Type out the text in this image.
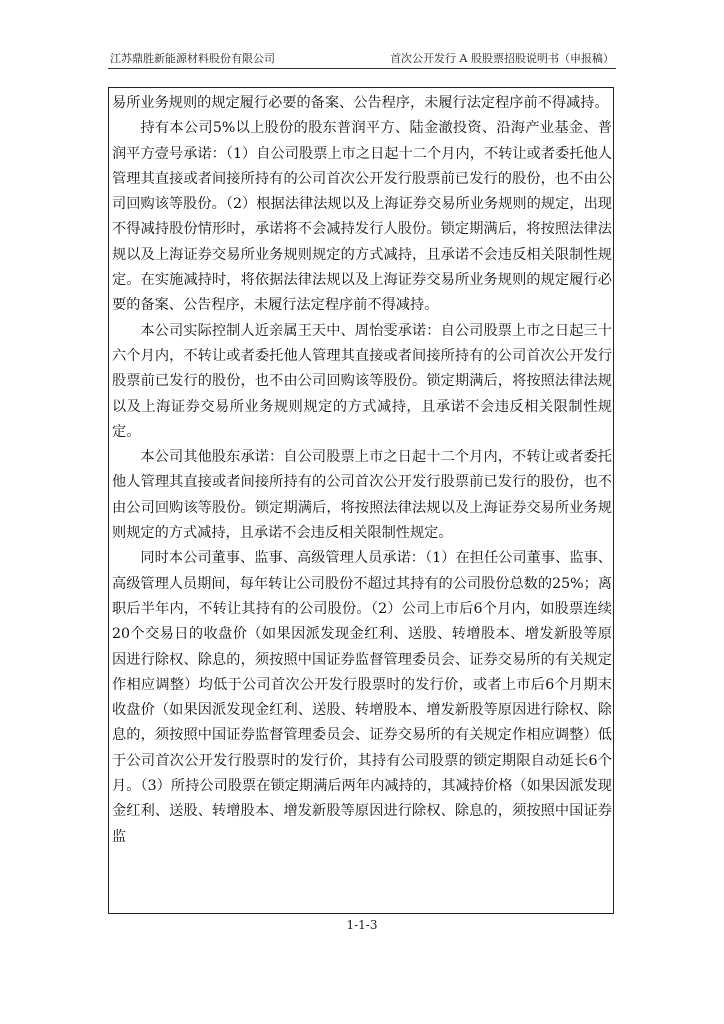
江苏鼎胜新能源材料股份有限公司	首次公开发行 A 股股票招股说明书（申报稿）

易所业务规则的规定履行必要的备案、公告程序，未履行法定程序前不得减持。

持有本公司5%以上股份的股东普润平方、陆金澈投资、沿海产业基金、普润平方壹号承诺：（1）自公司股票上市之日起十二个月内，不转让或者委托他人管理其直接或者间接所持有的公司首次公开发行股票前已发行的股份，也不由公司回购该等股份。（2）根据法律法规以及上海证券交易所业务规则的规定，出现不得减持股份情形时，承诺将不会减持发行人股份。锁定期满后，将按照法律法规以及上海证券交易所业务规则规定的方式减持，且承诺不会违反相关限制性规定。在实施减持时，将依据法律法规以及上海证券交易所业务规则的规定履行必要的备案、公告程序，未履行法定程序前不得减持。

本公司实际控制人近亲属王天中、周怡雯承诺：自公司股票上市之日起三十六个月内，不转让或者委托他人管理其直接或者间接所持有的公司首次公开发行股票前已发行的股份，也不由公司回购该等股份。锁定期满后，将按照法律法规以及上海证券交易所业务规则规定的方式减持，且承诺不会违反相关限制性规定。

本公司其他股东承诺：自公司股票上市之日起十二个月内，不转让或者委托他人管理其直接或者间接所持有的公司首次公开发行股票前已发行的股份，也不由公司回购该等股份。锁定期满后，将按照法律法规以及上海证券交易所业务规则规定的方式减持，且承诺不会违反相关限制性规定。

同时本公司董事、监事、高级管理人员承诺：（1）在担任公司董事、监事、高级管理人员期间，每年转让公司股份不超过其持有的公司股份总数的25%；离职后半年内，不转让其持有的公司股份。（2）公司上市后6个月内，如股票连续20个交易日的收盘价（如果因派发现金红利、送股、转增股本、增发新股等原因进行除权、除息的，须按照中国证券监督管理委员会、证券交易所的有关规定作相应调整）均低于公司首次公开发行股票时的发行价，或者上市后6个月期末收盘价（如果因派发现金红利、送股、转增股本、增发新股等原因进行除权、除息的，须按照中国证券监督管理委员会、证券交易所的有关规定作相应调整）低于公司首次公开发行股票时的发行价，其持有公司股票的锁定期限自动延长6个月。（3）所持公司股票在锁定期满后两年内减持的，其减持价格（如果因派发现金红利、送股、转增股本、增发新股等原因进行除权、除息的，须按照中国证券监

1-1-3
